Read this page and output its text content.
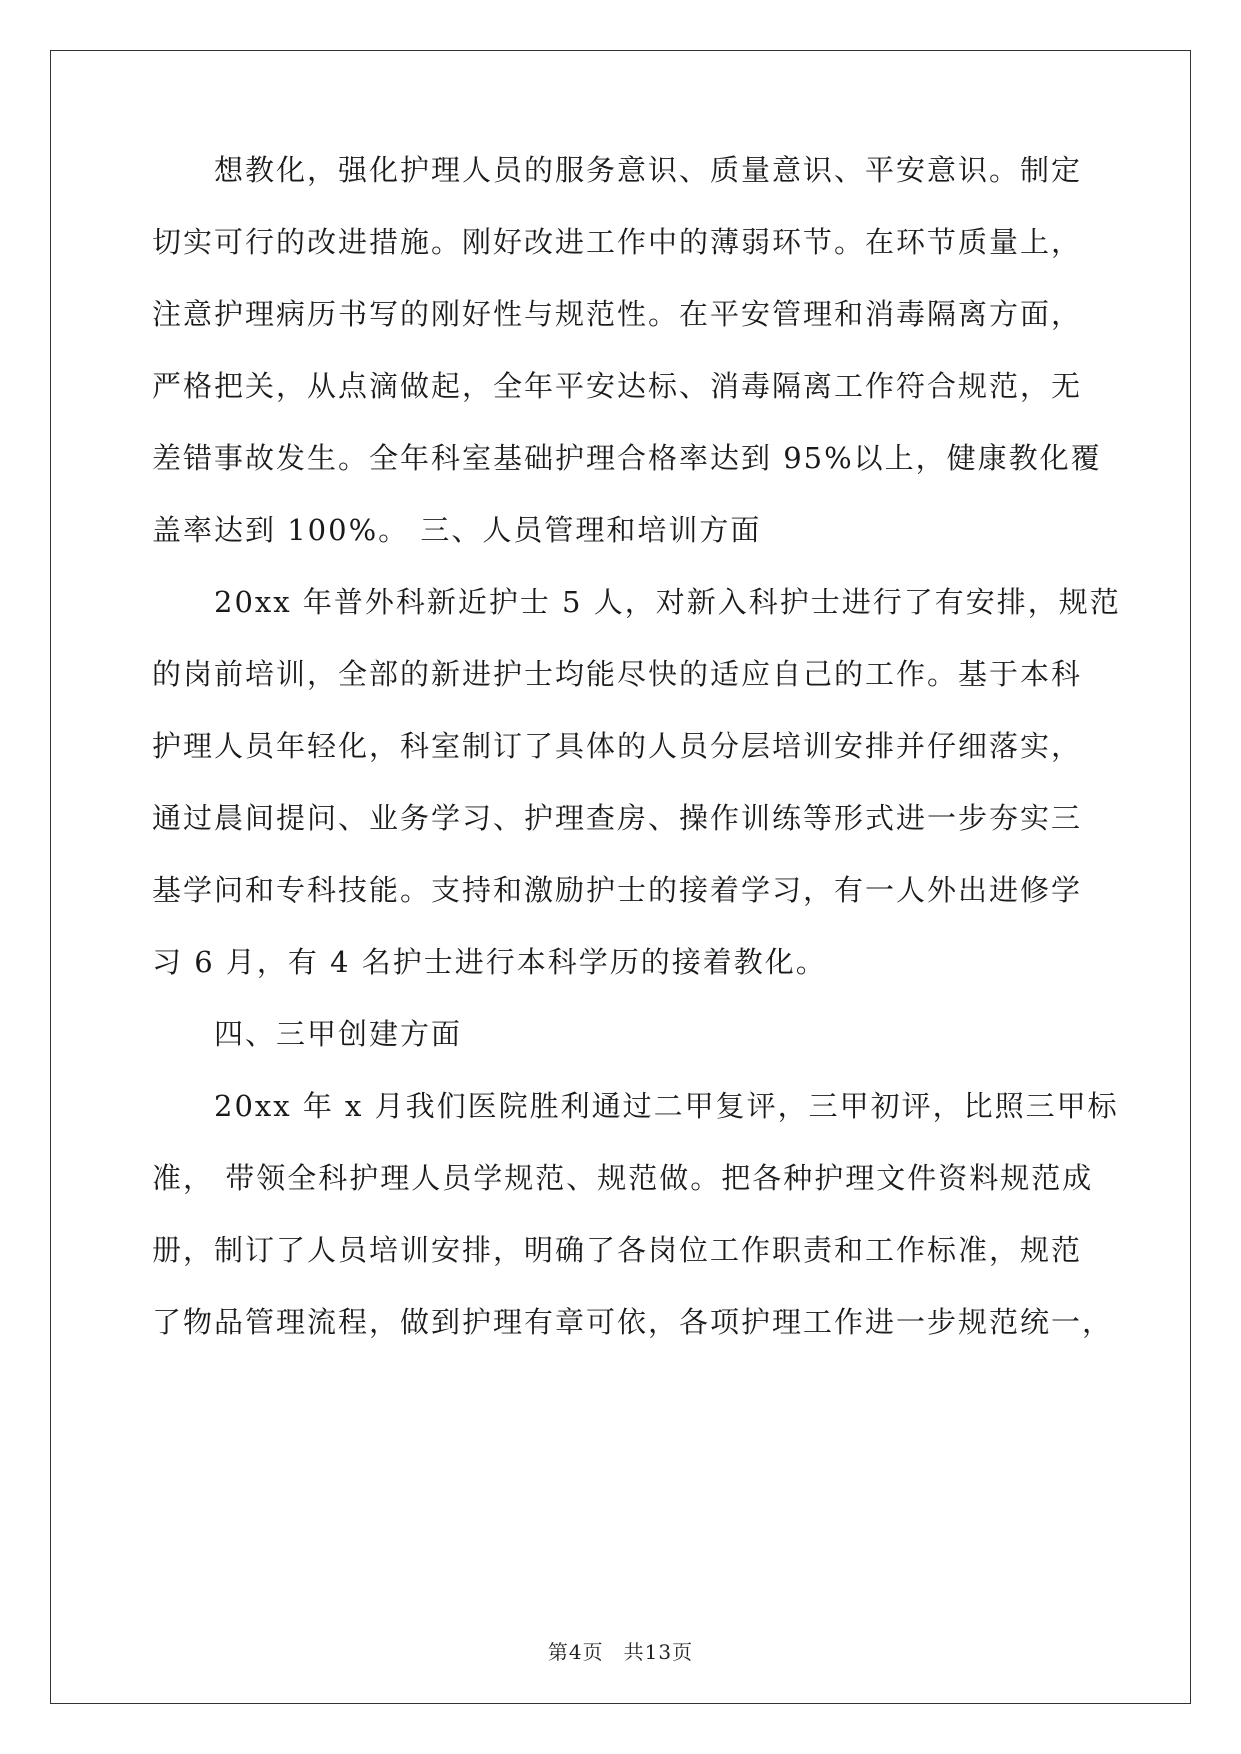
想教化，强化护理人员的服务意识、质量意识、平安意识。制定
切实可行的改进措施。刚好改进工作中的薄弱环节。在环节质量上，
注意护理病历书写的刚好性与规范性。在平安管理和消毒隔离方面，
严格把关，从点滴做起，全年平安达标、消毒隔离工作符合规范，无
差错事故发生。全年科室基础护理合格率达到 95%以上，健康教化覆
盖率达到 100%。 三、人员管理和培训方面
20xx 年普外科新近护士 5 人，对新入科护士进行了有安排，规范
的岗前培训，全部的新进护士均能尽快的适应自己的工作。基于本科
护理人员年轻化，科室制订了具体的人员分层培训安排并仔细落实，
通过晨间提问、业务学习、护理查房、操作训练等形式进一步夯实三
基学问和专科技能。支持和激励护士的接着学习，有一人外出进修学
习 6 月，有 4 名护士进行本科学历的接着教化。
四、三甲创建方面
20xx 年 x 月我们医院胜利通过二甲复评，三甲初评，比照三甲标
准， 带领全科护理人员学规范、规范做。把各种护理文件资料规范成
册，制订了人员培训安排，明确了各岗位工作职责和工作标准，规范
了物品管理流程，做到护理有章可依，各项护理工作进一步规范统一，
第4页 共13页
